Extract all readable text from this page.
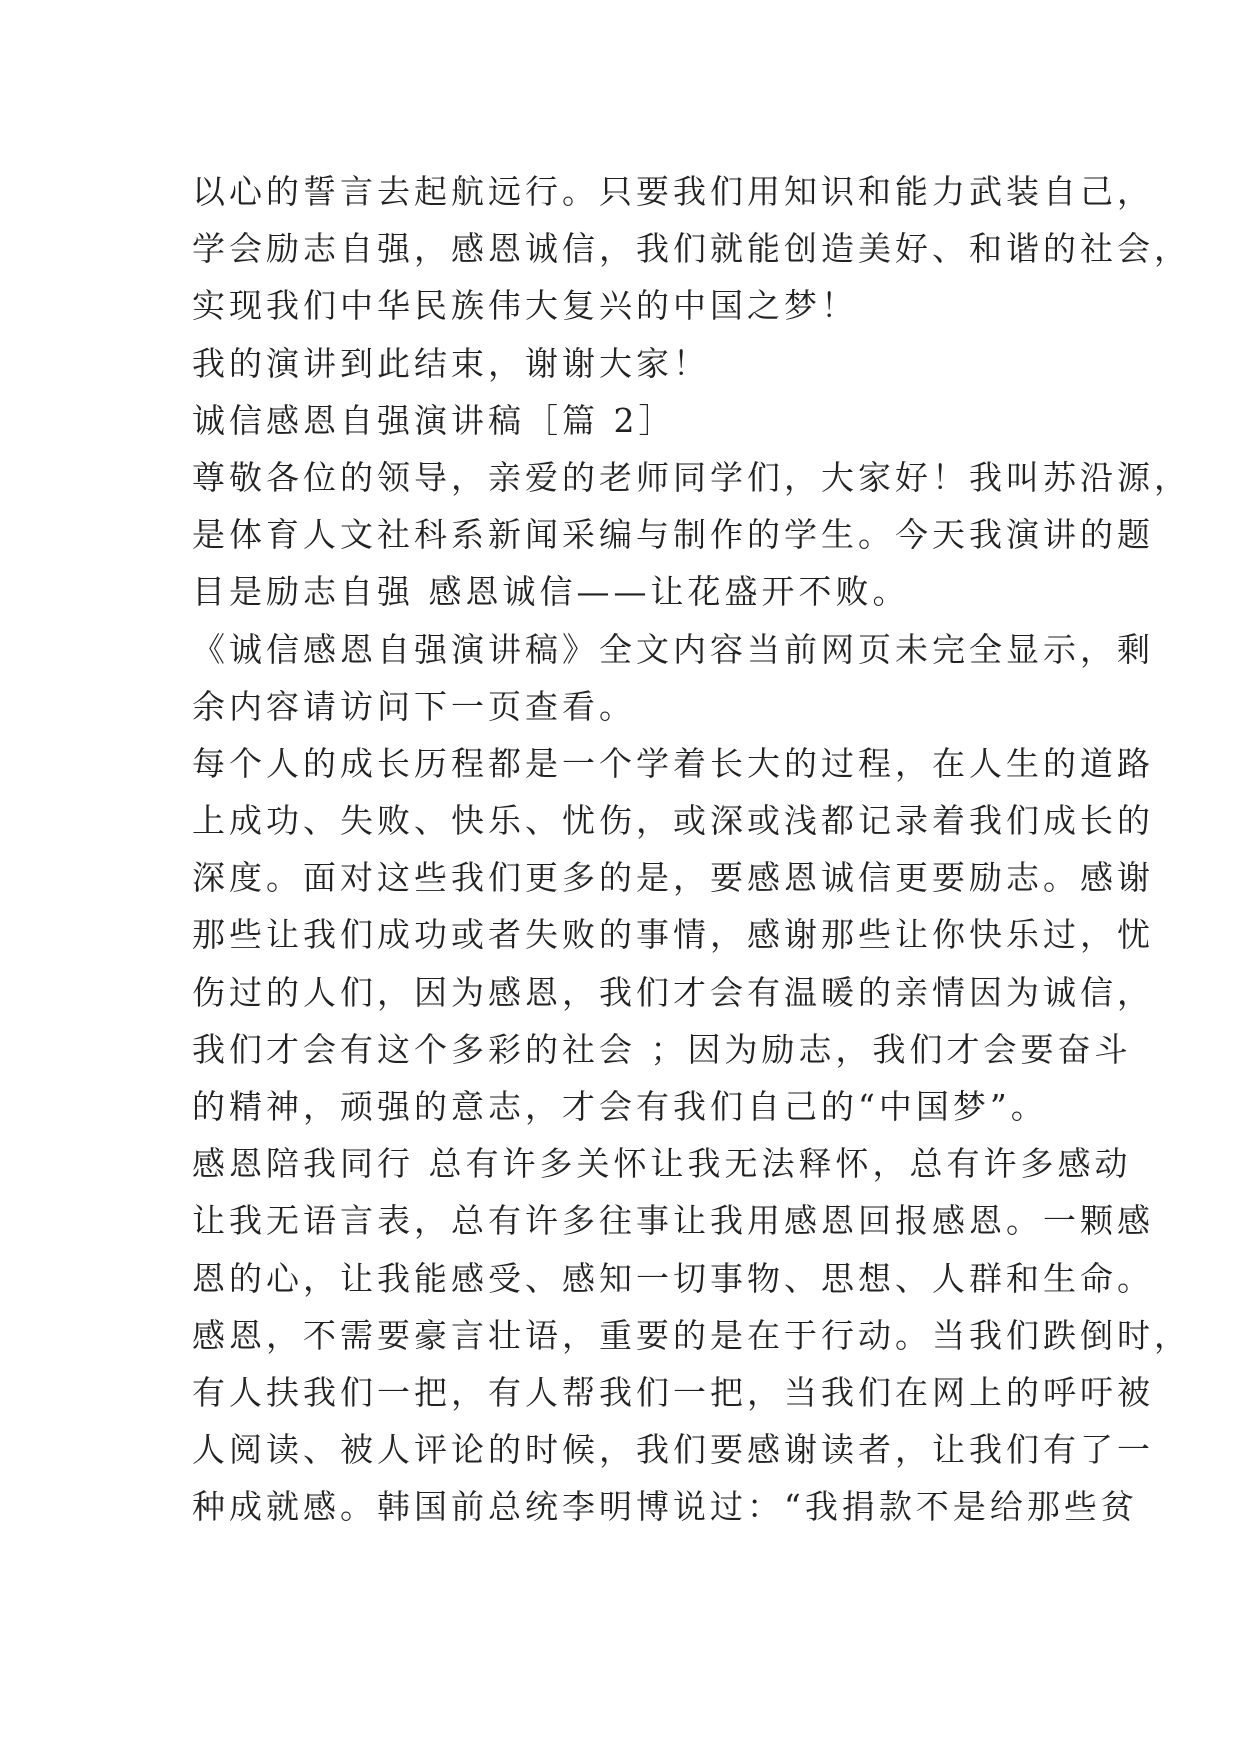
以心的誓言去起航远行。只要我们用知识和能力武装自己，
学会励志自强，感恩诚信，我们就能创造美好、和谐的社会，
实现我们中华民族伟大复兴的中国之梦！
我的演讲到此结束，谢谢大家！
诚信感恩自强演讲稿［篇 2］
尊敬各位的领导，亲爱的老师同学们，大家好！我叫苏沿源，
是体育人文社科系新闻采编与制作的学生。今天我演讲的题
目是励志自强 感恩诚信——让花盛开不败。
《诚信感恩自强演讲稿》全文内容当前网页未完全显示，剩
余内容请访问下一页查看。
每个人的成长历程都是一个学着长大的过程，在人生的道路
上成功、失败、快乐、忧伤，或深或浅都记录着我们成长的
深度。面对这些我们更多的是，要感恩诚信更要励志。感谢
那些让我们成功或者失败的事情，感谢那些让你快乐过，忧
伤过的人们，因为感恩，我们才会有温暖的亲情因为诚信，
我们才会有这个多彩的社会 ；因为励志，我们才会要奋斗
的精神，顽强的意志，才会有我们自己的“中国梦”。
感恩陪我同行 总有许多关怀让我无法释怀，总有许多感动
让我无语言表，总有许多往事让我用感恩回报感恩。一颗感
恩的心，让我能感受、感知一切事物、思想、人群和生命。
感恩，不需要豪言壮语，重要的是在于行动。当我们跌倒时，
有人扶我们一把，有人帮我们一把，当我们在网上的呼吁被
人阅读、被人评论的时候，我们要感谢读者，让我们有了一
种成就感。韩国前总统李明博说过：“我捐款不是给那些贫
